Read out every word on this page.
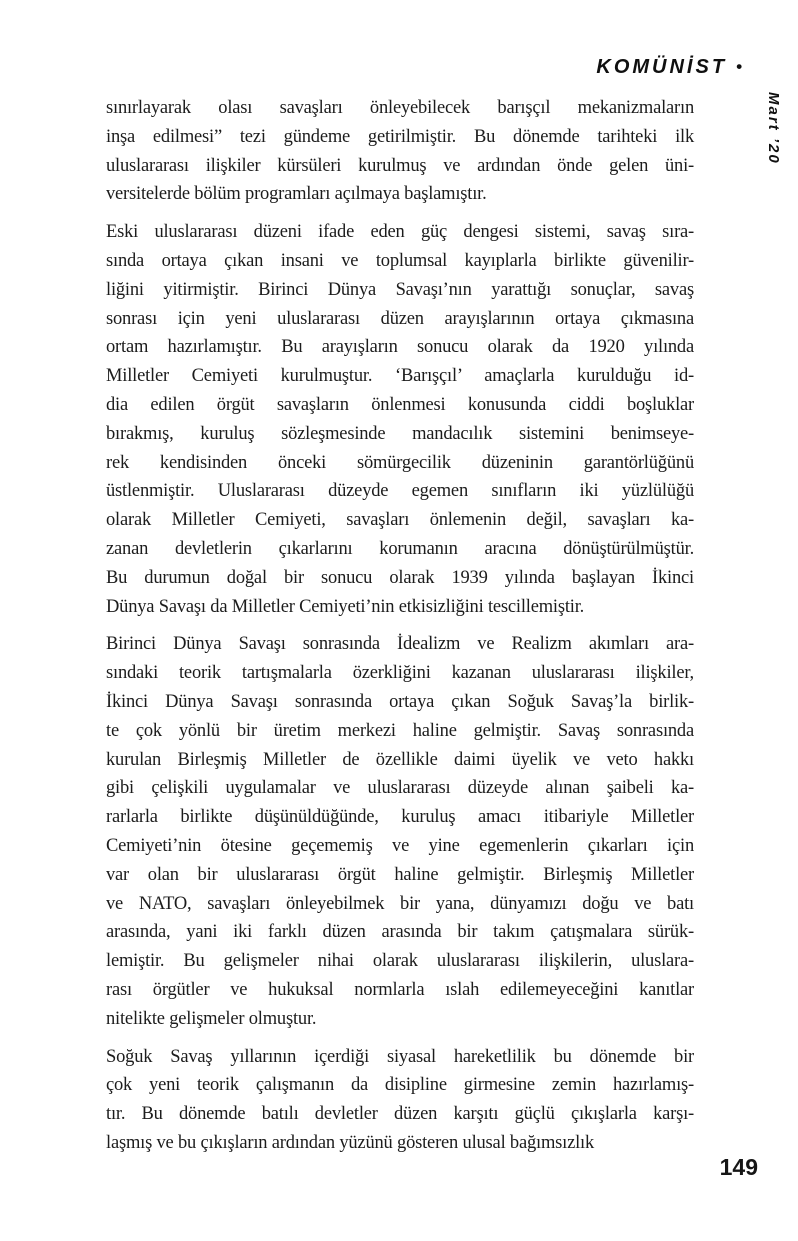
KOMÜNİST •
Mart ’20
sınırlayarak olası savaşları önleyebilecek barışçıl mekanizmaların
inşa edilmesi” tezi gündeme getirilmiştir. Bu dönemde tarihteki ilk
uluslararası ilişkiler kürsüleri kurulmuş ve ardından önde gelen üni-
versitelerde bölüm programları açılmaya başlamıştır.
Eski uluslararası düzeni ifade eden güç dengesi sistemi, savaş sıra-
sında ortaya çıkan insani ve toplumsal kayıplarla birlikte güvenilir-
liğini yitirmiştir. Birinci Dünya Savaşı’nın yarattığı sonuçlar, savaş
sonrası için yeni uluslararası düzen arayışlarının ortaya çıkmasına
ortam hazırlamıştır. Bu arayışların sonucu olarak da 1920 yılında
Milletler Cemiyeti kurulmuştur. ‘Barışçıl’ amaçlarla kurulduğu id-
dia edilen örgüt savaşların önlenmesi konusunda ciddi boşluklar
bırakmış, kuruluş sözleşmesinde mandacılık sistemini benimseye-
rek kendisinden önceki sömürgecilik düzeninin garantörlüğünü
üstlenmiştir. Uluslararası düzeyde egemen sınıfların iki yüzlülüğü
olarak Milletler Cemiyeti, savaşları önlemenin değil, savaşları ka-
zanan devletlerin çıkarlarını korumanın aracına dönüştürülmüştür.
Bu durumun doğal bir sonucu olarak 1939 yılında başlayan İkinci
Dünya Savaşı da Milletler Cemiyeti’nin etkisizliğini tescillemiştir.
Birinci Dünya Savaşı sonrasında İdealizm ve Realizm akımları ara-
sındaki teorik tartışmalarla özerkliğini kazanan uluslararası ilişkiler,
İkinci Dünya Savaşı sonrasında ortaya çıkan Soğuk Savaş’la birlik-
te çok yönlü bir üretim merkezi haline gelmiştir. Savaş sonrasında
kurulan Birleşmiş Milletler de özellikle daimi üyelik ve veto hakkı
gibi çelişkili uygulamalar ve uluslararası düzeyde alınan şaibeli ka-
rarlarla birlikte düşünüldüğünde, kuruluş amacı itibariyle Milletler
Cemiyeti’nin ötesine geçememiş ve yine egemenlerin çıkarları için
var olan bir uluslararası örgüt haline gelmiştir. Birleşmiş Milletler
ve NATO, savaşları önleyebilmek bir yana, dünyamızı doğu ve batı
arasında, yani iki farklı düzen arasında bir takım çatışmalara sürük-
lemiştir. Bu gelişmeler nihai olarak uluslararası ilişkilerin, uluslara-
rası örgütler ve hukuksal normlarla ıslah edilemeyeceğini kanıtlar
nitelikte gelişmeler olmuştur.
Soğuk Savaş yıllarının içerdiği siyasal hareketlilik bu dönemde bir
çok yeni teorik çalışmanın da disipline girmesine zemin hazırlamış-
tır. Bu dönemde batılı devletler düzen karşıtı güçlü çıkışlarla karşı-
laşmış ve bu çıkışların ardından yüzünü gösteren ulusal bağımsızlık
149
